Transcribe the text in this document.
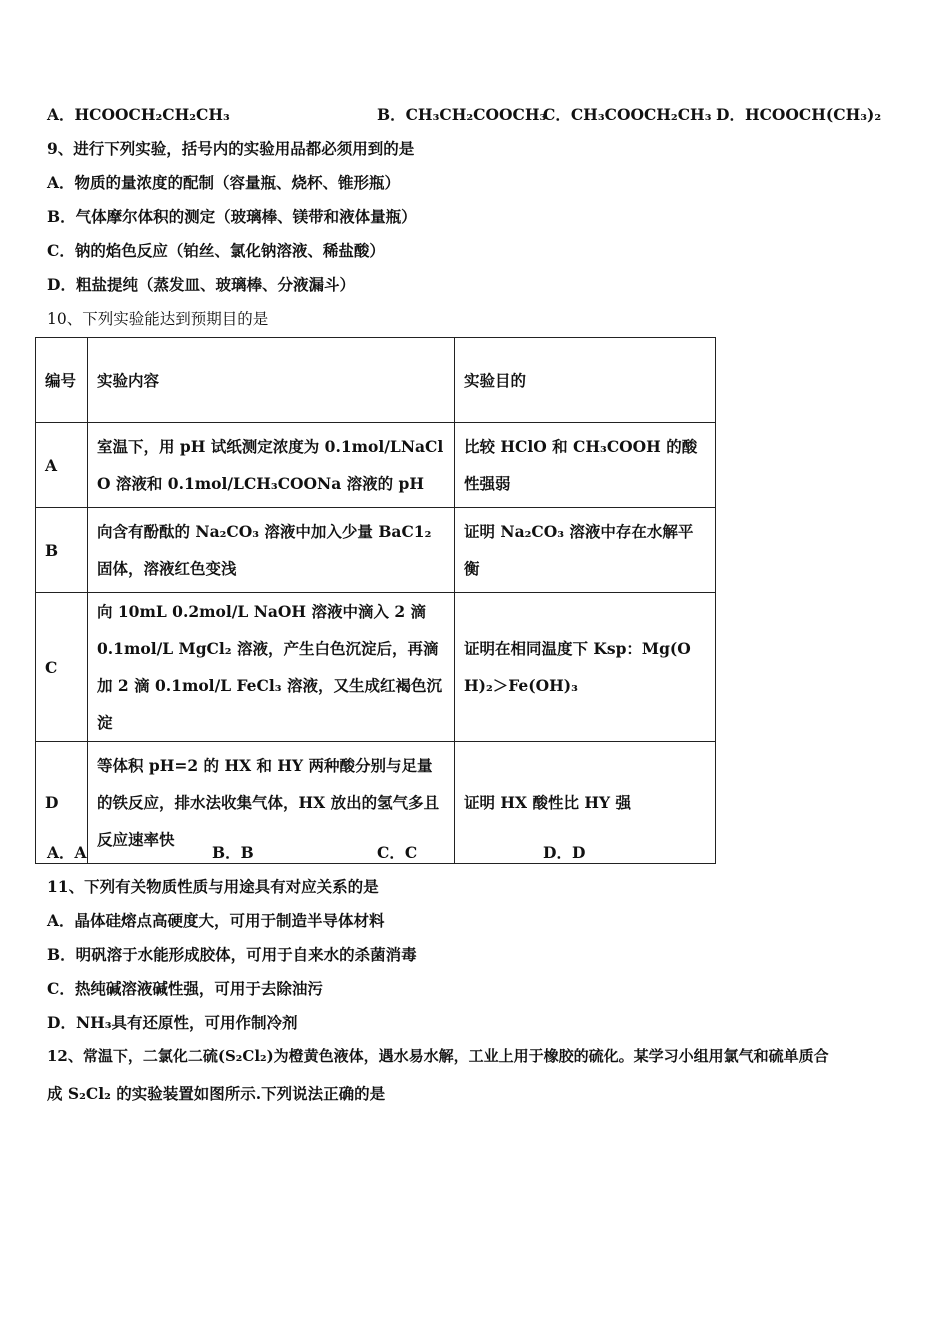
A．HCOOCH₂CH₂CH₃	B．CH₃CH₂COOCH₃
C．CH₃COOCH₂CH₃ D．HCOOCH(CH₃)₂
9、进行下列实验，括号内的实验用品都必须用到的是
A．物质的量浓度的配制（容量瓶、烧杯、锥形瓶）
B．气体摩尔体积的测定（玻璃棒、镁带和液体量瓶）
C．钠的焰色反应（铂丝、氯化钠溶液、稀盐酸）
D．粗盐提纯（蒸发皿、玻璃棒、分液漏斗）
10、下列实验能达到预期目的是
编号	实验内容	实验目的
A	室温下，用 pH 试纸测定浓度为 0.1mol/LNaClO 溶液和 0.1mol/LCH₃COONa 溶液的 pH	比较 HClO 和 CH₃COOH 的酸性强弱
B	向含有酚酞的 Na₂CO₃ 溶液中加入少量 BaC1₂ 固体，溶液红色变浅	证明 Na₂CO₃ 溶液中存在水解平衡
C	向 10mL 0.2mol/L NaOH 溶液中滴入 2 滴 0.1mol/L MgCl₂ 溶液，产生白色沉淀后，再滴加 2 滴 0.1mol/L FeCl₃ 溶液，又生成红褐色沉淀	证明在相同温度下 Ksp：Mg(OH)₂＞Fe(OH)₃
D	等体积 pH=2 的 HX 和 HY 两种酸分别与足量的铁反应，排水法收集气体，HX 放出的氢气多且反应速率快	证明 HX 酸性比 HY 强
A．A	B．B	C．C	D．D
11、下列有关物质性质与用途具有对应关系的是
A．晶体硅熔点高硬度大，可用于制造半导体材料
B．明矾溶于水能形成胶体，可用于自来水的杀菌消毒
C．热纯碱溶液碱性强，可用于去除油污
D．NH₃具有还原性，可用作制冷剂
12、常温下，二氯化二硫(S₂Cl₂)为橙黄色液体，遇水易水解，工业上用于橡胶的硫化。某学习小组用氯气和硫单质合
成 S₂Cl₂ 的实验装置如图所示.下列说法正确的是
